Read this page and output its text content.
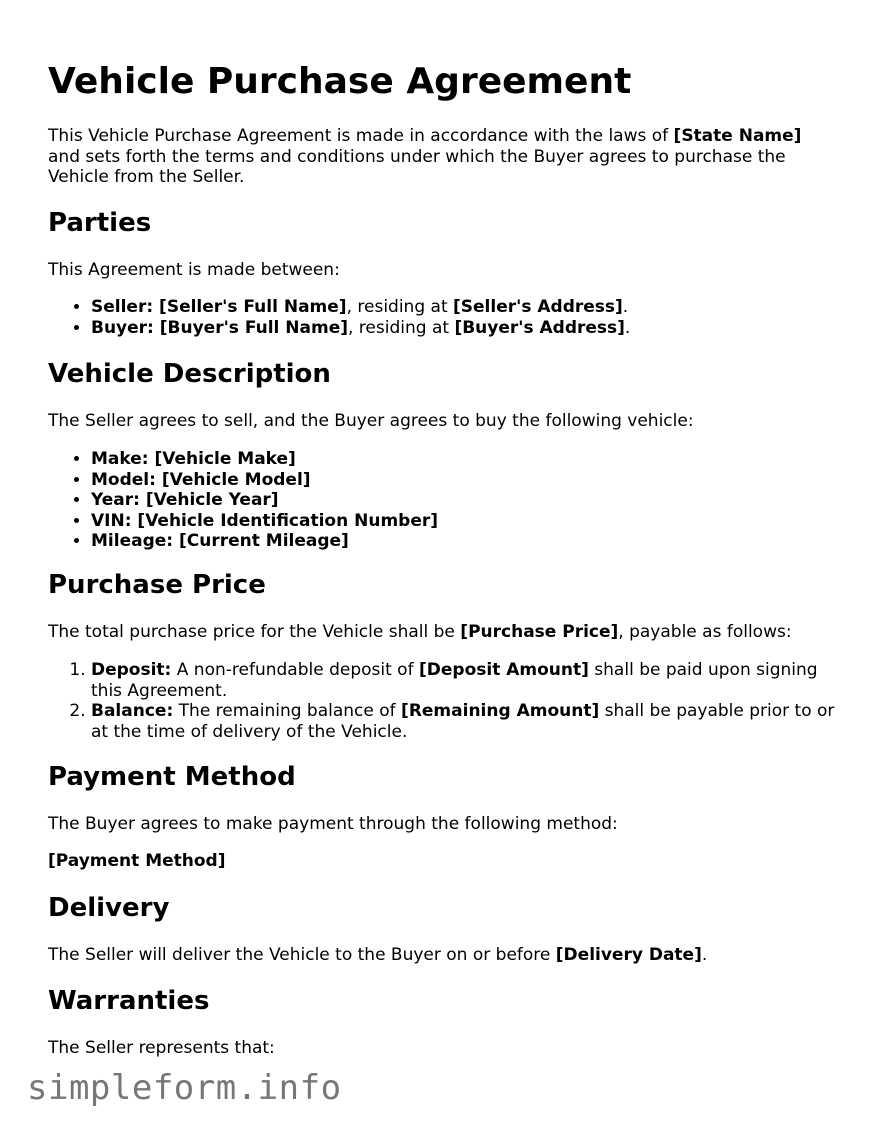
Vehicle Purchase Agreement

This Vehicle Purchase Agreement is made in accordance with the laws of [State Name] and sets forth the terms and conditions under which the Buyer agrees to purchase the Vehicle from the Seller.

Parties

This Agreement is made between:

• Seller: [Seller's Full Name], residing at [Seller's Address].
• Buyer: [Buyer's Full Name], residing at [Buyer's Address].
Vehicle Description

The Seller agrees to sell, and the Buyer agrees to buy the following vehicle:

• Make: [Vehicle Make]
• Model: [Vehicle Model]
• Year: [Vehicle Year]
• VIN: [Vehicle Identification Number]
• Mileage: [Current Mileage]
Purchase Price

The total purchase price for the Vehicle shall be [Purchase Price], payable as follows:

1. Deposit: A non-refundable deposit of [Deposit Amount] shall be paid upon signing this Agreement.
2. Balance: The remaining balance of [Remaining Amount] shall be payable prior to or at the time of delivery of the Vehicle.
Payment Method

The Buyer agrees to make payment through the following method:

[Payment Method]

Delivery

The Seller will deliver the Vehicle to the Buyer on or before [Delivery Date].

Warranties

The Seller represents that:

simpleform.info
